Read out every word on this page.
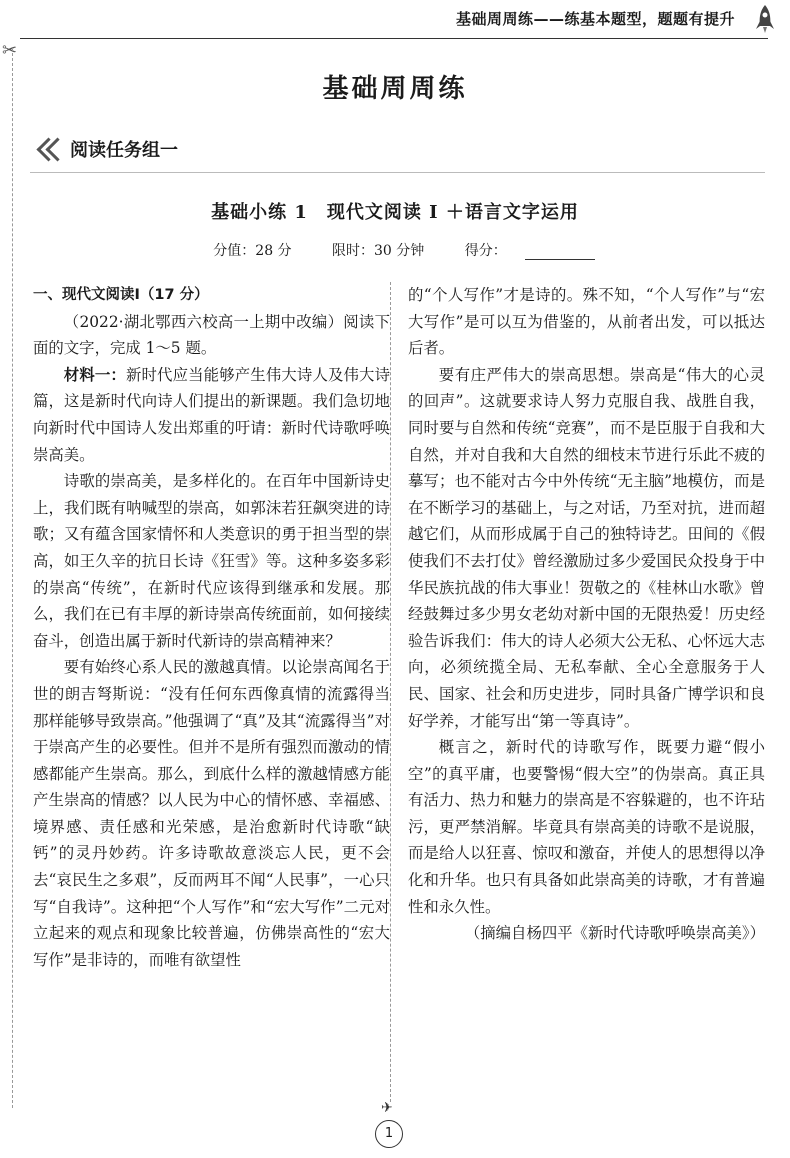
基础周周练——练基本题型，题题有提升
✂
基础周周练
阅读任务组一
基础小练 1　现代文阅读 Ⅰ ＋语言文字运用
分值：28 分	限时：30 分钟	得分：

一、现代文阅读Ⅰ（17 分）

（2022·湖北鄂西六校高一上期中改编）阅读下面的文字，完成 1～5 题。

材料一：新时代应当能够产生伟大诗人及伟大诗篇，这是新时代向诗人们提出的新课题。我们急切地向新时代中国诗人发出郑重的吁请：新时代诗歌呼唤崇高美。

诗歌的崇高美，是多样化的。在百年中国新诗史上，我们既有呐喊型的崇高，如郭沫若狂飙突进的诗歌；又有蕴含国家情怀和人类意识的勇于担当型的崇高，如王久辛的抗日长诗《狂雪》等。这种多姿多彩的崇高“传统”，在新时代应该得到继承和发展。那么，我们在已有丰厚的新诗崇高传统面前，如何接续奋斗，创造出属于新时代新诗的崇高精神来？

要有始终心系人民的激越真情。以论崇高闻名于世的朗吉弩斯说：“没有任何东西像真情的流露得当那样能够导致崇高。”他强调了“真”及其“流露得当”对于崇高产生的必要性。但并不是所有强烈而激动的情感都能产生崇高。那么，到底什么样的激越情感方能产生崇高的情感？以人民为中心的情怀感、幸福感、境界感、责任感和光荣感，是治愈新时代诗歌“缺钙”的灵丹妙药。许多诗歌故意淡忘人民，更不会去“哀民生之多艰”，反而两耳不闻“人民事”，一心只写“自我诗”。这种把“个人写作”和“宏大写作”二元对立起来的观点和现象比较普遍，仿佛崇高性的“宏大写作”是非诗的，而唯有欲望性

的“个人写作”才是诗的。殊不知，“个人写作”与“宏大写作”是可以互为借鉴的，从前者出发，可以抵达后者。

要有庄严伟大的崇高思想。崇高是“伟大的心灵的回声”。这就要求诗人努力克服自我、战胜自我，同时要与自然和传统“竞赛”，而不是臣服于自我和大自然，并对自我和大自然的细枝末节进行乐此不疲的摹写；也不能对古今中外传统“无主脑”地模仿，而是在不断学习的基础上，与之对话，乃至对抗，进而超越它们，从而形成属于自己的独特诗艺。田间的《假使我们不去打仗》曾经激励过多少爱国民众投身于中华民族抗战的伟大事业！贺敬之的《桂林山水歌》曾经鼓舞过多少男女老幼对新中国的无限热爱！历史经验告诉我们：伟大的诗人必须大公无私、心怀远大志向，必须统揽全局、无私奉献、全心全意服务于人民、国家、社会和历史进步，同时具备广博学识和良好学养，才能写出“第一等真诗”。

概言之，新时代的诗歌写作，既要力避“假小空”的真平庸，也要警惕“假大空”的伪崇高。真正具有活力、热力和魅力的崇高是不容躲避的，也不许玷污，更严禁消解。毕竟具有崇高美的诗歌不是说服，而是给人以狂喜、惊叹和激奋，并使人的思想得以净化和升华。也只有具备如此崇高美的诗歌，才有普遍性和永久性。

（摘编自杨四平《新时代诗歌呼唤崇高美》）

✈
1
